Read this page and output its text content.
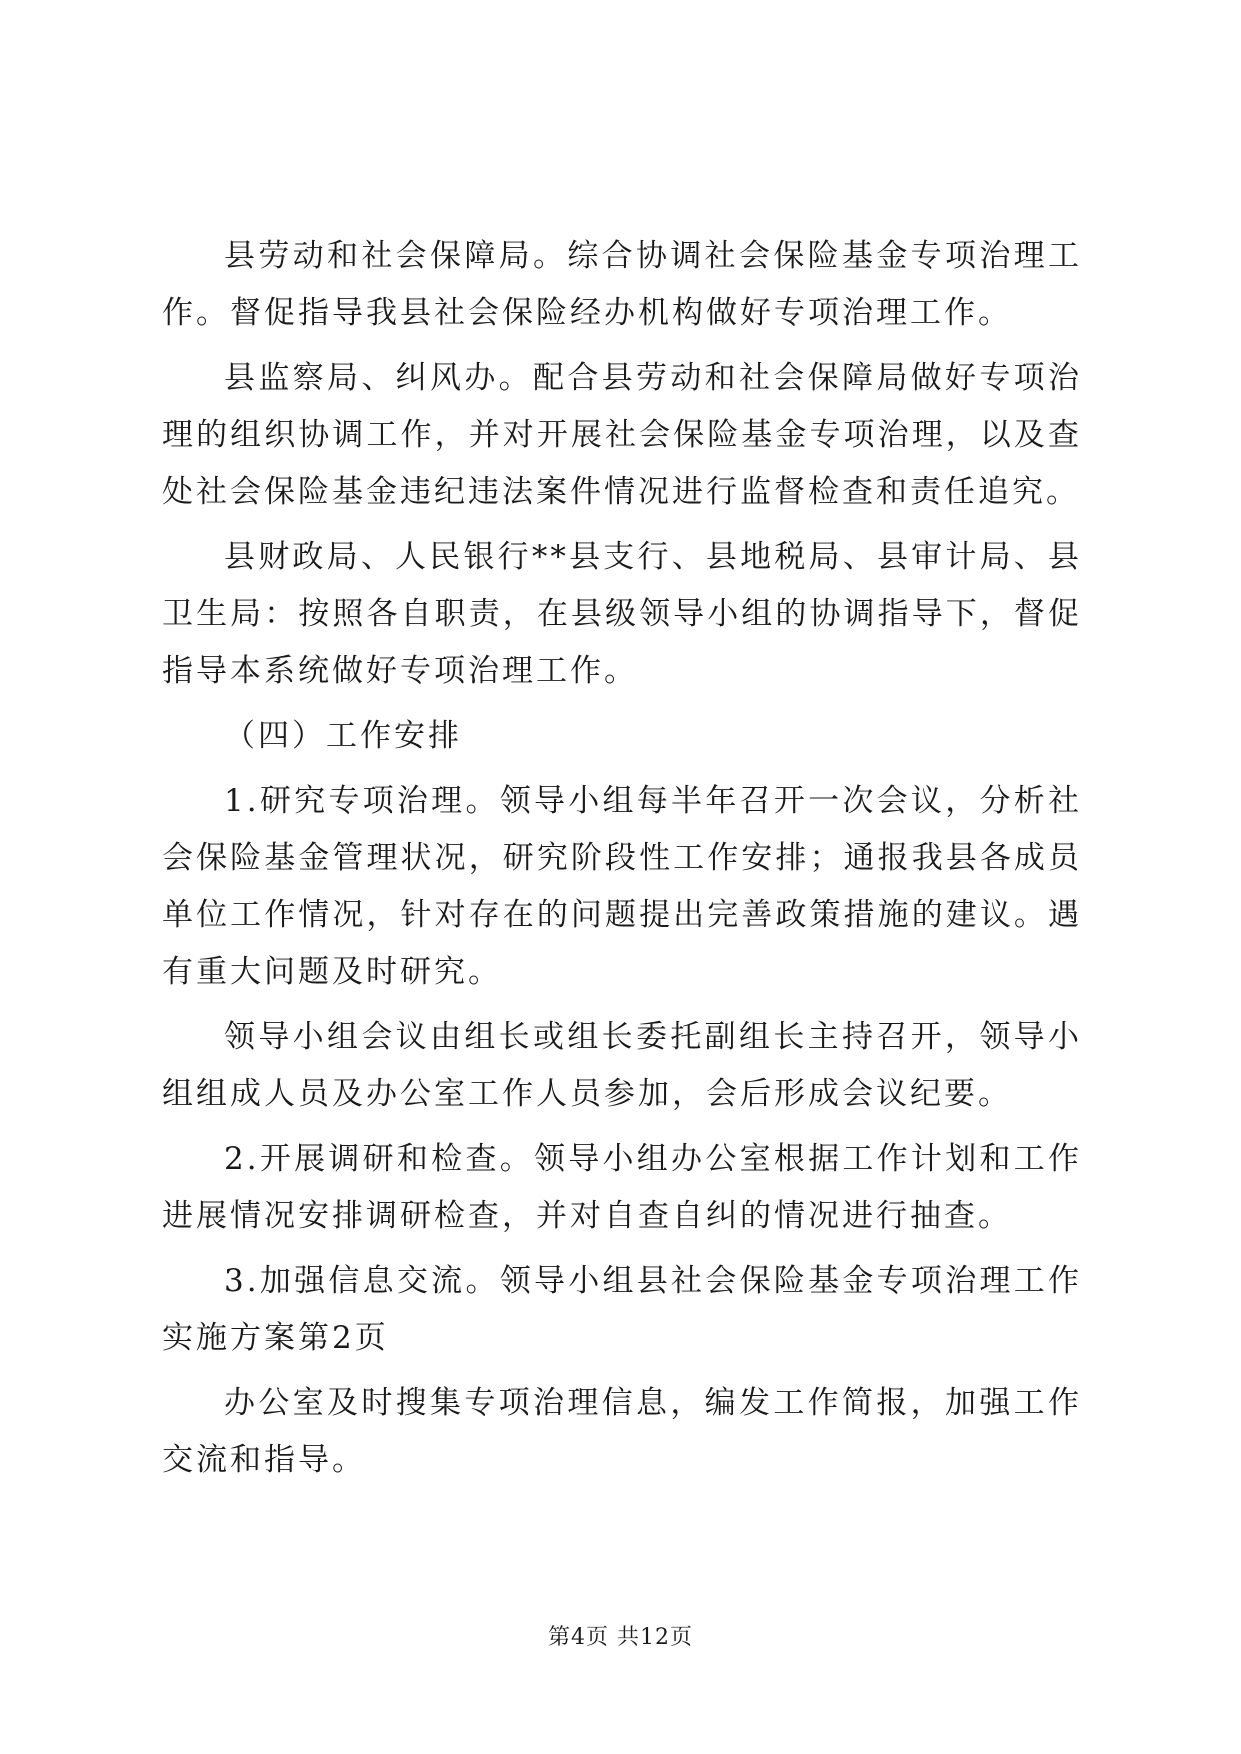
县劳动和社会保障局。综合协调社会保险基金专项治理工作。督促指导我县社会保险经办机构做好专项治理工作。

县监察局、纠风办。配合县劳动和社会保障局做好专项治理的组织协调工作，并对开展社会保险基金专项治理，以及查处社会保险基金违纪违法案件情况进行监督检查和责任追究。

县财政局、人民银行**县支行、县地税局、县审计局、县卫生局：按照各自职责，在县级领导小组的协调指导下，督促指导本系统做好专项治理工作。

（四）工作安排

1.研究专项治理。领导小组每半年召开一次会议，分析社会保险基金管理状况，研究阶段性工作安排；通报我县各成员单位工作情况，针对存在的问题提出完善政策措施的建议。遇有重大问题及时研究。

领导小组会议由组长或组长委托副组长主持召开，领导小组组成人员及办公室工作人员参加，会后形成会议纪要。

2.开展调研和检查。领导小组办公室根据工作计划和工作进展情况安排调研检查，并对自查自纠的情况进行抽查。

3.加强信息交流。领导小组县社会保险基金专项治理工作实施方案第2页

办公室及时搜集专项治理信息，编发工作简报，加强工作交流和指导。

第4页 共12页
